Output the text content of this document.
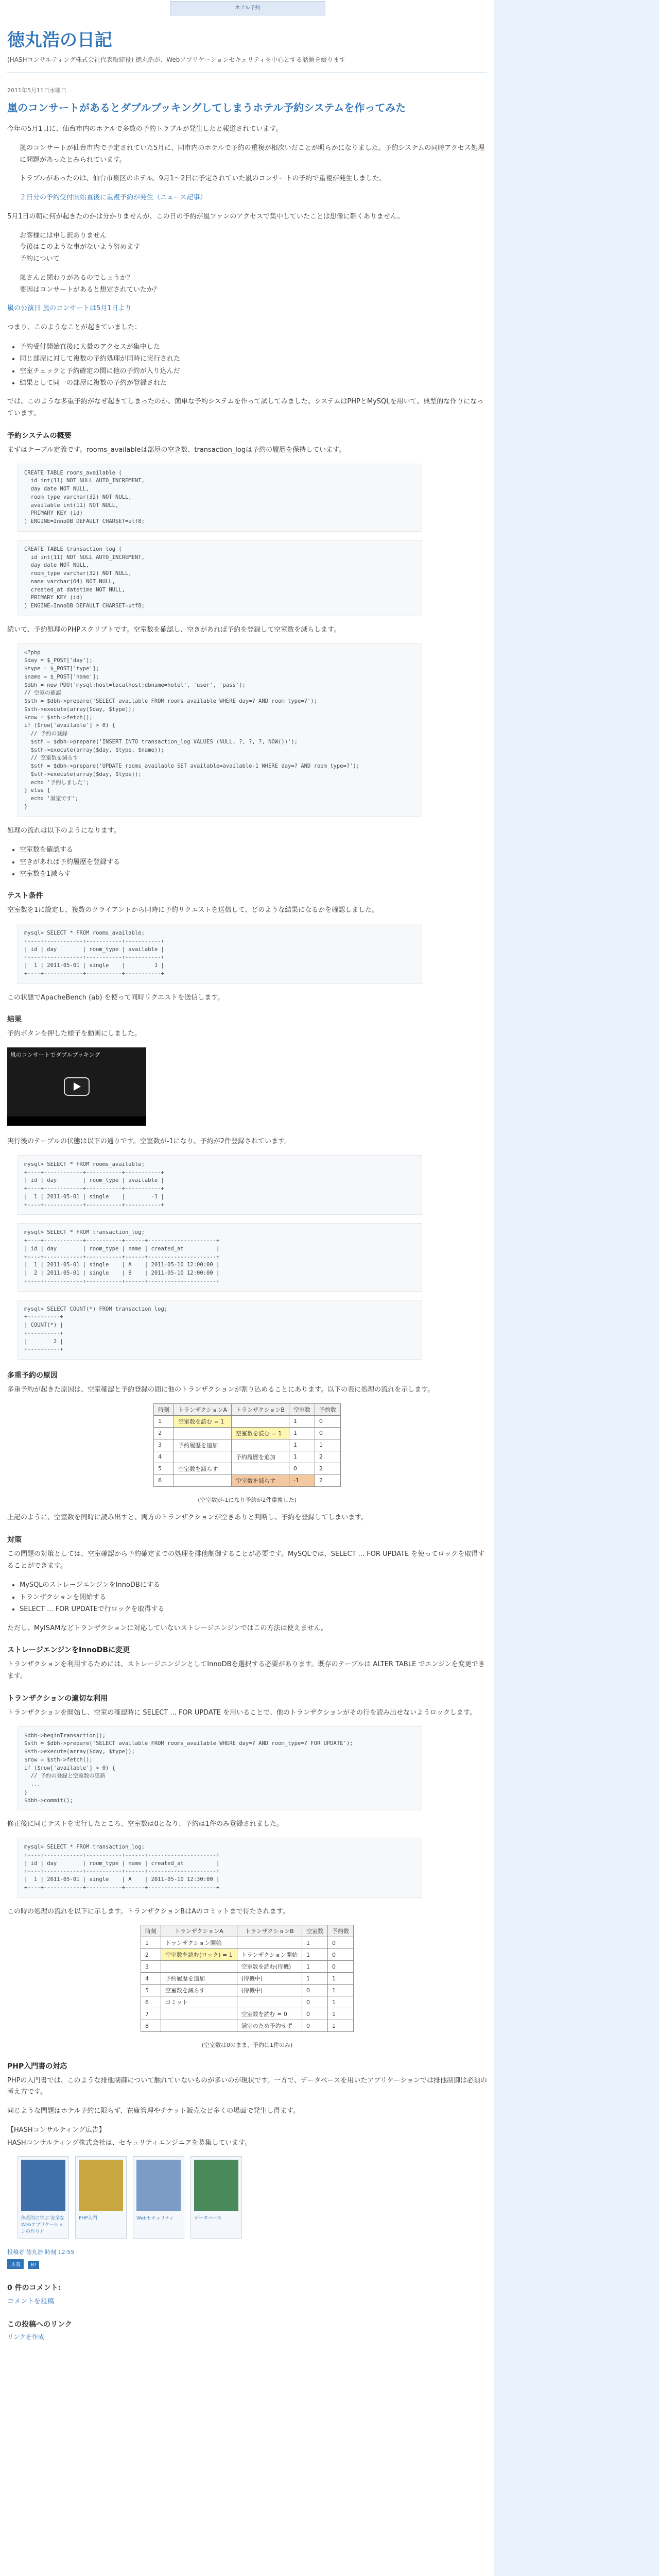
ホテル予約
徳丸浩の日記
(HASHコンサルティング株式会社代表取締役) 徳丸浩が、Webアプリケーションセキュリティを中心とする話題を綴ります
2011年5月11日水曜日
嵐のコンサートがあるとダブルブッキングしてしまうホテル予約システムを作ってみた

今年の5月1日に、仙台市内のホテルで多数の予約トラブルが発生したと報道されています。

嵐のコンサートが仙台市内で予定されていた5月に、同市内のホテルで予約の重複が相次いだことが明らかになりました。予約システムの同時アクセス処理に問題があったとみられています。

トラブルがあったのは、仙台市泉区のホテル。9月1〜2日に予定されていた嵐のコンサートの予約で重複が発生しました。

２日分の予約受付開始直後に重複予約が発生（ニュース記事）

5月1日の朝に何が起きたのかは分かりませんが、この日の予約が嵐ファンのアクセスで集中していたことは想像に難くありません。

お客様には申し訳ありません
今後はこのような事がないよう努めます
予約について
嵐さんと関わりがあるのでしょうか？
要因はコンサートがあると想定されていたか？

嵐の公演日 嵐のコンサートは5月1日より

つまり、このようなことが起きていました：

• 予約受付開始直後に大量のアクセスが集中した
• 同じ部屋に対して複数の予約処理が同時に実行された
• 空室チェックと予約確定の間に他の予約が入り込んだ
• 結果として同一の部屋に複数の予約が登録された

では、このような多重予約がなぜ起きてしまったのか、簡単な予約システムを作って試してみました。システムはPHPとMySQLを用いて、典型的な作りになっています。

予約システムの概要

まずはテーブル定義です。rooms_availableは部屋の空き数、transaction_logは予約の履歴を保持しています。

CREATE TABLE rooms_available (
id int(11) NOT NULL AUTO_INCREMENT,
day date NOT NULL,
room_type varchar(32) NOT NULL,
available int(11) NOT NULL,
PRIMARY KEY (id)
) ENGINE=InnoDB DEFAULT CHARSET=utf8;
CREATE TABLE transaction_log (
id int(11) NOT NULL AUTO_INCREMENT,
day date NOT NULL,
room_type varchar(32) NOT NULL,
name varchar(64) NOT NULL,
created_at datetime NOT NULL,
PRIMARY KEY (id)
) ENGINE=InnoDB DEFAULT CHARSET=utf8;

続いて、予約処理のPHPスクリプトです。空室数を確認し、空きがあれば予約を登録して空室数を減らします。

<?php
$day = $_POST['day'];
$type = $_POST['type'];
$name = $_POST['name'];
$dbh = new PDO('mysql:host=localhost;dbname=hotel', 'user', 'pass');
// 空室の確認
$sth = $dbh->prepare('SELECT available FROM rooms_available WHERE day=? AND room_type=?');
$sth->execute(array($day, $type));
$row = $sth->fetch();
if ($row['available'] > 0) {
// 予約の登録
$sth = $dbh->prepare('INSERT INTO transaction_log VALUES (NULL, ?, ?, ?, NOW())');
$sth->execute(array($day, $type, $name));
// 空室数を減らす
$sth = $dbh->prepare('UPDATE rooms_available SET available=available-1 WHERE day=? AND room_type=?');
$sth->execute(array($day, $type));
echo '予約しました';
} else {
echo '満室です';
}

処理の流れは以下のようになります。

• 空室数を確認する
• 空きがあれば予約履歴を登録する
• 空室数を1減らす
テスト条件

空室数を1に設定し、複数のクライアントから同時に予約リクエストを送信して、どのような結果になるかを確認しました。

mysql> SELECT * FROM rooms_available;
+----+------------+-----------+-----------+
| id | day        | room_type | available |
+----+------------+-----------+-----------+
|  1 | 2011-05-01 | single    |         1 |
+----+------------+-----------+-----------+

この状態でApacheBench (ab) を使って同時リクエストを送信します。

結果

予約ボタンを押した様子を動画にしました。

嵐のコンサートでダブルブッキング

実行後のテーブルの状態は以下の通りです。空室数が-1になり、予約が2件登録されています。

mysql> SELECT * FROM rooms_available;
+----+------------+-----------+-----------+
| id | day        | room_type | available |
+----+------------+-----------+-----------+
|  1 | 2011-05-01 | single    |        -1 |
+----+------------+-----------+-----------+
mysql> SELECT * FROM transaction_log;
+----+------------+-----------+------+---------------------+
| id | day        | room_type | name | created_at          |
+----+------------+-----------+------+---------------------+
|  1 | 2011-05-01 | single    | A    | 2011-05-10 12:00:00 |
|  2 | 2011-05-01 | single    | B    | 2011-05-10 12:00:00 |
+----+------------+-----------+------+---------------------+
mysql> SELECT COUNT(*) FROM transaction_log;
+----------+
| COUNT(*) |
+----------+
|        2 |
+----------+
多重予約の原因

多重予約が起きた原因は、空室確認と予約登録の間に他のトランザクションが割り込めることにあります。以下の表に処理の流れを示します。

時刻	トランザクションA	トランザクションB	空室数	予約数
1	空室数を読む = 1		1	0
2		空室数を読む = 1	1	0
3	予約履歴を追加		1	1
4		予約履歴を追加	1	2
5	空室数を減らす		0	2
6		空室数を減らす	-1	2

(空室数が-1になり予約が2件重複した)

上記のように、空室数を同時に読み出すと、両方のトランザクションが空きありと判断し、予約を登録してしまいます。

対策

この問題の対策としては、空室確認から予約確定までの処理を排他制御することが必要です。MySQLでは、SELECT ... FOR UPDATE を使ってロックを取得することができます。

• MySQLのストレージエンジンをInnoDBにする
• トランザクションを開始する
• SELECT ... FOR UPDATEで行ロックを取得する

ただし、MyISAMなどトランザクションに対応していないストレージエンジンではこの方法は使えません。

ストレージエンジンをInnoDBに変更

トランザクションを利用するためには、ストレージエンジンとしてInnoDBを選択する必要があります。既存のテーブルは ALTER TABLE でエンジンを変更できます。

トランザクションの適切な利用

トランザクションを開始し、空室の確認時に SELECT ... FOR UPDATE を用いることで、他のトランザクションがその行を読み出せないようロックします。

$dbh->beginTransaction();
$sth = $dbh->prepare('SELECT available FROM rooms_available WHERE day=? AND room_type=? FOR UPDATE');
$sth->execute(array($day, $type));
$row = $sth->fetch();
if ($row['available'] > 0) {
// 予約の登録と空室数の更新
...
}
$dbh->commit();

修正後に同じテストを実行したところ、空室数は0となり、予約は1件のみ登録されました。

mysql> SELECT * FROM transaction_log;
+----+------------+-----------+------+---------------------+
| id | day        | room_type | name | created_at          |
+----+------------+-----------+------+---------------------+
|  1 | 2011-05-01 | single    | A    | 2011-05-10 12:30:00 |
+----+------------+-----------+------+---------------------+

この時の処理の流れを以下に示します。トランザクションBはAのコミットまで待たされます。

時刻	トランザクションA	トランザクションB	空室数	予約数
1	トランザクション開始		1	0
2	空室数を読む(ロック) = 1	トランザクション開始	1	0
3		空室数を読む(待機)	1	0
4	予約履歴を追加	(待機中)	1	1
5	空室数を減らす	(待機中)	0	1
6	コミット		0	1
7		空室数を読む = 0	0	1
8		満室のため予約せず	0	1

(空室数は0のまま、予約は1件のみ)

PHP入門書の対応

PHPの入門書では、このような排他制御について触れていないものが多いのが現状です。一方で、データベースを用いたアプリケーションでは排他制御は必須の考え方です。

同じような問題はホテル予約に限らず、在庫管理やチケット販売など多くの場面で発生し得ます。

【HASHコンサルティング広告】

HASHコンサルティング株式会社は、セキュリティエンジニアを募集しています。

体系的に学ぶ 安全なWebアプリケーションの作り方
PHP入門	Webセキュリティ	データベース
投稿者 徳丸浩 時刻 12:55
共有 B!
0 件のコメント:
コメントを投稿
この投稿へのリンク
リンクを作成
